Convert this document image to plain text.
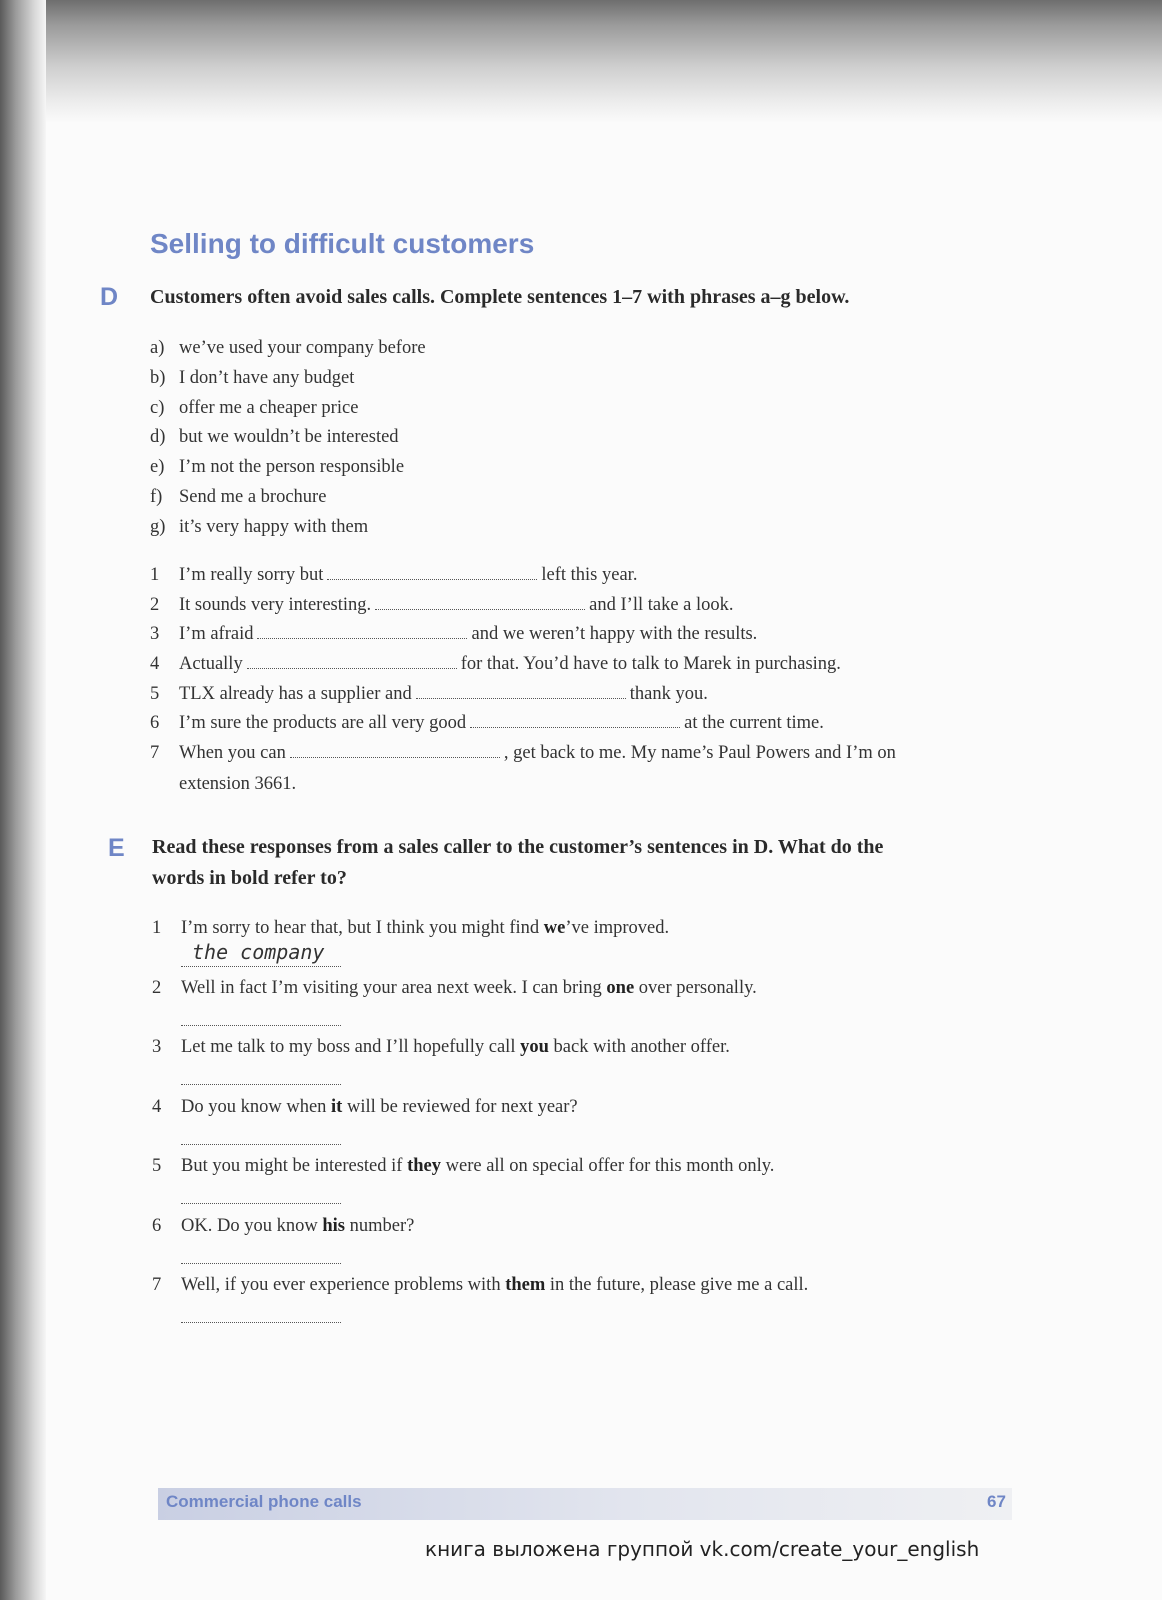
Selling to difficult customers
D Customers often avoid sales calls. Complete sentences 1–7 with phrases a–g below.
a) we’ve used your company before
b) I don’t have any budget
c) offer me a cheaper price
d) but we wouldn’t be interested
e) I’m not the person responsible
f) Send me a brochure
g) it’s very happy with them
1 I’m really sorry but	left this year.
2 It sounds very interesting.	and I’ll take a look.
3 I’m afraid	and we weren’t happy with the results.
4 Actually	for that. You’d have to talk to Marek in purchasing.
5 TLX already has a supplier and	thank you.
6 I’m sure the products are all very good	at the current time.
7 When you can	, get back to me. My name’s Paul Powers and I’m on
extension 3661.
E Read these responses from a sales caller to the customer’s sentences in D. What do the
words in bold refer to?
1 I’m sorry to hear that, but I think you might find we’ve improved.
the company
2 Well in fact I’m visiting your area next week. I can bring one over personally.
3 Let me talk to my boss and I’ll hopefully call you back with another offer.
4 Do you know when it will be reviewed for next year?
5 But you might be interested if they were all on special offer for this month only.
6 OK. Do you know his number?
7 Well, if you ever experience problems with them in the future, please give me a call.
Commercial phone calls	67
книга выложена группой vk.com/create_your_english
